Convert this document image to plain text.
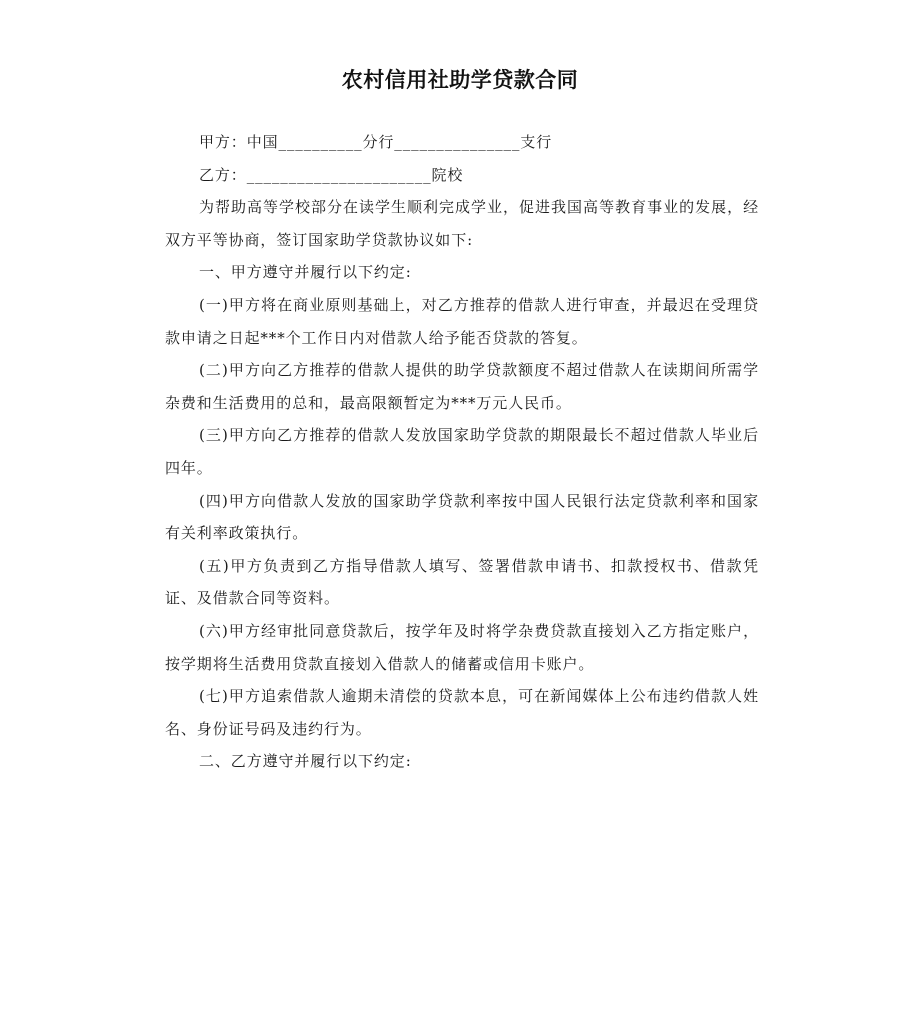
农村信用社助学贷款合同

甲方：中国__________分行_______________支行

乙方：______________________院校

为帮助高等学校部分在读学生顺利完成学业，促进我国高等教育事业的发展，经双方平等协商，签订国家助学贷款协议如下:

一、甲方遵守并履行以下约定:

(一)甲方将在商业原则基础上，对乙方推荐的借款人进行审查，并最迟在受理贷款申请之日起***个工作日内对借款人给予能否贷款的答复。

(二)甲方向乙方推荐的借款人提供的助学贷款额度不超过借款人在读期间所需学杂费和生活费用的总和，最高限额暂定为***万元人民币。

(三)甲方向乙方推荐的借款人发放国家助学贷款的期限最长不超过借款人毕业后四年。

(四)甲方向借款人发放的国家助学贷款利率按中国人民银行法定贷款利率和国家有关利率政策执行。

(五)甲方负责到乙方指导借款人填写、签署借款申请书、扣款授权书、借款凭证、及借款合同等资料。

(六)甲方经审批同意贷款后，按学年及时将学杂费贷款直接划入乙方指定账户，按学期将生活费用贷款直接划入借款人的储蓄或信用卡账户。

(七)甲方追索借款人逾期未清偿的贷款本息，可在新闻媒体上公布违约借款人姓名、身份证号码及违约行为。

二、乙方遵守并履行以下约定:
